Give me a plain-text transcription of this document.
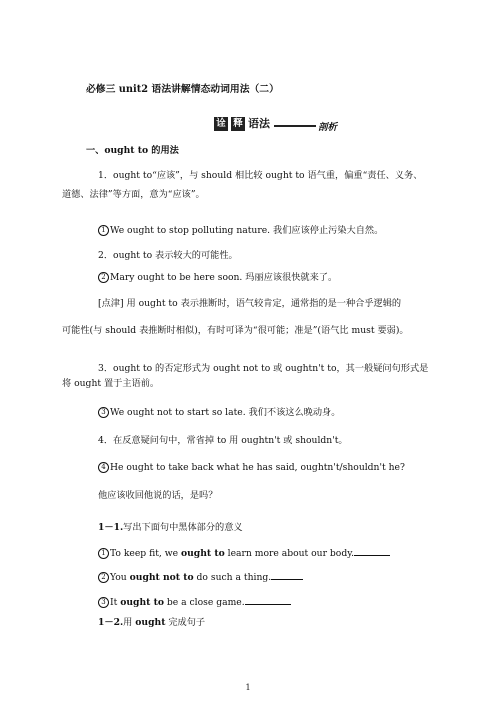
必修三 unit2 语法讲解情态动词用法（二）
诠 释 语法	剖析
一、ought to 的用法
1．ought to“应该”，与 should 相比较 ought to 语气重，偏重“责任、义务、
道德、法律”等方面，意为“应该”。
1 We ought to stop polluting nature. 我们应该停止污染大自然。
2．ought to 表示较大的可能性。
2 Mary ought to be here soon. 玛丽应该很快就来了。
[点津] 用 ought to 表示推断时，语气较肯定，通常指的是一种合乎逻辑的
可能性(与 should 表推断时相似)，有时可译为“很可能；准是”(语气比 must 要弱)。
3．ought to 的否定形式为 ought not to 或 oughtn't to，其一般疑问句形式是
将 ought 置于主语前。
3 We ought not to start so late. 我们不该这么晚动身。
4．在反意疑问句中，常省掉 to 用 oughtn't 或 shouldn't。
4 He ought to take back what he has said, oughtn't/shouldn't he?
他应该收回他说的话，是吗？
1－1.写出下面句中黑体部分的意义
1 To keep fit, we ought to learn more about our body.
2 You ought not to do such a thing.
3 It ought to be a close game.
1－2.用 ought 完成句子
1
